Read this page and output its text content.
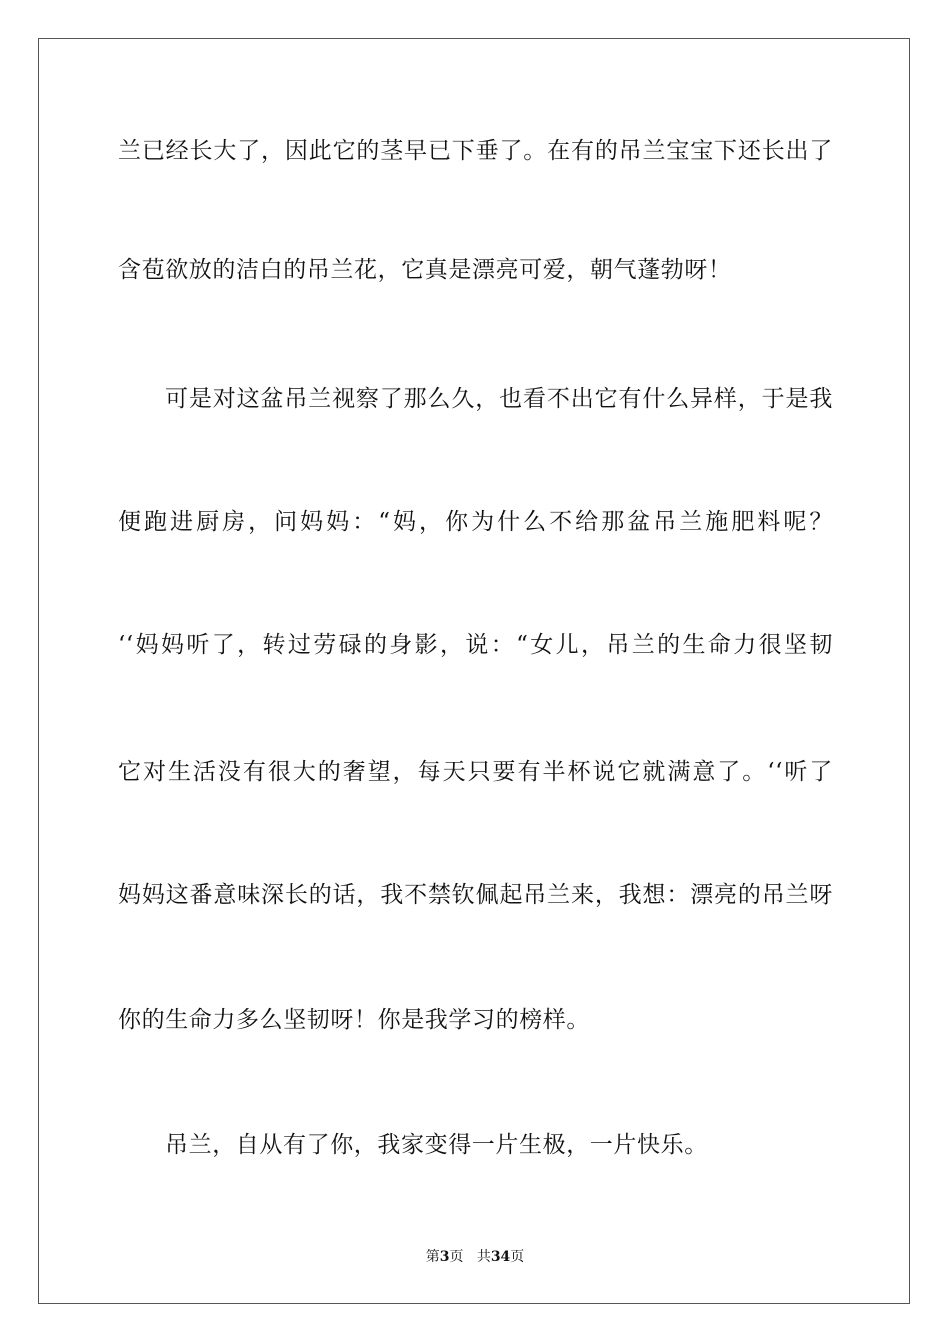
兰已经长大了，因此它的茎早已下垂了。在有的吊兰宝宝下还长出了
含苞欲放的洁白的吊兰花，它真是漂亮可爱，朝气蓬勃呀！
可是对这盆吊兰视察了那么久，也看不出它有什么异样，于是我
便跑进厨房，问妈妈：“妈，你为什么不给那盆吊兰施肥料呢？
‘‘妈妈听了，转过劳碌的身影，说：“女儿，吊兰的生命力很坚韧
它对生活没有很大的奢望，每天只要有半杯说它就满意了。‘‘听了
妈妈这番意味深长的话，我不禁钦佩起吊兰来，我想：漂亮的吊兰呀
你的生命力多么坚韧呀！你是我学习的榜样。
吊兰，自从有了你，我家变得一片生极，一片快乐。
第3页 共34页
